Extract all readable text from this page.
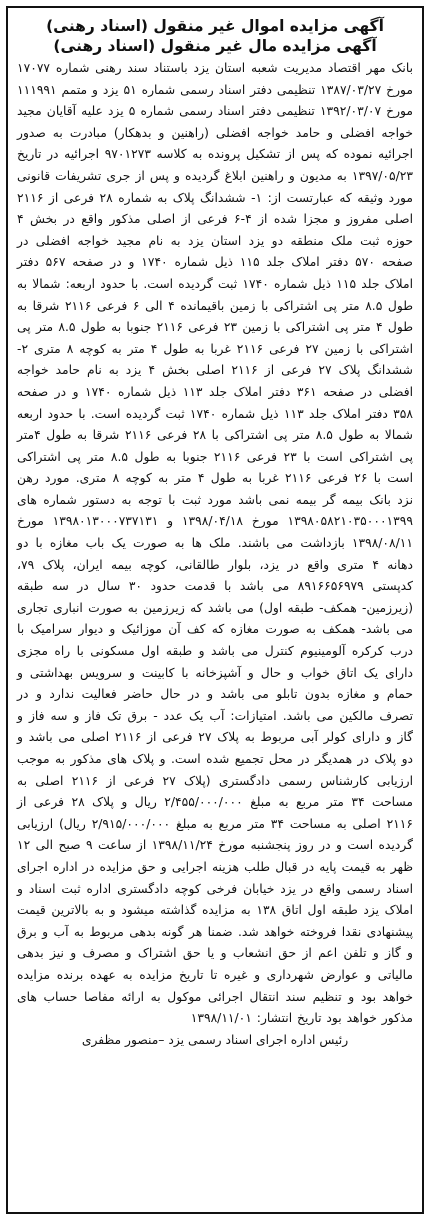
آگهی مزایده اموال غیر منقول (اسناد رهنی)
آگهی مزایده مال غیر منقول (اسناد رهنی)

بانک مهر اقتصاد مدیریت شعبه استان یزد باستناد سند رهنی شماره ۱۷۰۷۷ مورخ ۱۳۸۷/۰۳/۲۷ تنظیمی دفتر اسناد رسمی شماره ۵۱ یزد و متمم ۱۱۱۹۹۱ مورخ ۱۳۹۲/۰۳/۰۷ تنظیمی دفتر اسناد رسمی شماره ۵ یزد علیه آقایان مجید خواجه افضلی و حامد خواجه افضلی (راهنین و بدهکار) مبادرت به صدور اجرائیه نموده که پس از تشکیل پرونده به کلاسه ۹۷۰۱۲۷۳ اجرائیه در تاریخ ۱۳۹۷/۰۵/۲۳ به مدیون و راهنین ابلاغ گردیده و پس از جری تشریفات قانونی مورد وثیقه که عبارتست از: ۱- ششدانگ پلاک به شماره ۲۸ فرعی از ۲۱۱۶ اصلی مفروز و مجزا شده از ۴-۶ فرعی از اصلی مذکور واقع در بخش ۴ حوزه ثبت ملک منطقه دو یزد استان یزد به نام مجید خواجه افضلی در صفحه ۵۷۰ دفتر املاک جلد ۱۱۵ ذیل شماره ۱۷۴۰ و در صفحه ۵۶۷ دفتر املاک جلد ۱۱۵ ذیل شماره ۱۷۴۰ ثبت گردیده است. با حدود اربعه: شمالا به طول ۸.۵ متر پی اشتراکی با زمین باقیمانده ۴ الی ۶ فرعی ۲۱۱۶ شرقا به طول ۴ متر پی اشتراکی با زمین ۲۳ فرعی ۲۱۱۶ جنوبا به طول ۸.۵ متر پی اشتراکی با زمین ۲۷ فرعی ۲۱۱۶ غربا به طول ۴ متر به کوچه ۸ متری ۲- ششدانگ پلاک ۲۷ فرعی از ۲۱۱۶ اصلی بخش ۴ یزد به نام حامد خواجه افضلی در صفحه ۳۶۱ دفتر املاک جلد ۱۱۳ ذیل شماره ۱۷۴۰ و در صفحه ۳۵۸ دفتر املاک جلد ۱۱۳ ذیل شماره ۱۷۴۰ ثبت گردیده است. با حدود اربعه شمالا به طول ۸.۵ متر پی اشتراکی با ۲۸ فرعی ۲۱۱۶ شرقا به طول ۴متر پی اشتراکی است با ۲۳ فرعی ۲۱۱۶ جنوبا به طول ۸.۵ متر پی اشتراکی است با ۲۶ فرعی ۲۱۱۶ غربا به طول ۴ متر به کوچه ۸ متری. مورد رهن نزد بانک بیمه گر بیمه نمی باشد مورد ثبت با توجه به دستور شماره های ۱۳۹۸۰۵۸۲۱۰۳۵۰۰۰۱۳۹۹ مورخ ۱۳۹۸/۰۴/۱۸ و ۱۳۹۸۰۱۳۰۰۰۷۳۷۱۳۱ مورخ ۱۳۹۸/۰۸/۱۱ بازداشت می باشند. ملک ها به صورت یک باب مغازه با دو دهانه ۴ متری واقع در یزد، بلوار طالقانی، کوچه بیمه ایران، پلاک ۷۹، کدپستی ۸۹۱۶۶۵۶۹۷۹ می باشد با قدمت حدود ۳۰ سال در سه طبقه (زیرزمین- همکف- طبقه اول) می باشد که زیرزمین به صورت انباری تجاری می باشد- همکف به صورت مغازه که کف آن موزائیک و دیوار سرامیک با درب کرکره آلومینیوم کنترل می باشد و طبقه اول مسکونی با راه مجزی دارای یک اتاق خواب و حال و آشپزخانه با کابینت و سرویس بهداشتی و حمام و مغازه بدون تابلو می باشد و در حال حاضر فعالیت ندارد و در تصرف مالکین می باشد. امتیازات: آب یک عدد - برق تک فاز و سه فاز و گاز و دارای کولر آبی مربوط به پلاک ۲۷ فرعی از ۲۱۱۶ اصلی می باشد و دو پلاک در همدیگر در محل تجمیع شده است. و پلاک های مذکور به موجب ارزیابی کارشناس رسمی دادگستری (پلاک ۲۷ فرعی از ۲۱۱۶ اصلی به مساحت ۳۴ متر مربع به مبلغ ۲/۴۵۵/۰۰۰/۰۰۰ ریال و پلاک ۲۸ فرعی از ۲۱۱۶ اصلی به مساحت ۳۴ متر مربع به مبلغ ۲/۹۱۵/۰۰۰/۰۰۰ ریال) ارزیابی گردیده است و در روز پنجشنبه مورخ ۱۳۹۸/۱۱/۲۴ از ساعت ۹ صبح الی ۱۲ ظهر به قیمت پایه در قبال طلب هزینه اجرایی و حق مزایده در اداره اجرای اسناد رسمی واقع در یزد خیابان فرخی کوچه دادگستری اداره ثبت اسناد و املاک یزد طبقه اول اتاق ۱۳۸ به مزایده گذاشته میشود و به بالاترین قیمت پیشنهادی نقدا فروخته خواهد شد. ضمنا هر گونه بدهی مربوط به آب و برق و گاز و تلفن اعم از حق انشعاب و یا حق اشتراک و مصرف و نیز بدهی مالیاتی و عوارض شهرداری و غیره تا تاریخ مزایده به عهده برنده مزایده خواهد بود و تنظیم سند انتقال اجرائی موکول به ارائه مفاصا حساب های مذکور خواهد بود تاریخ انتشار: ۱۳۹۸/۱۱/۰۱

رئیس اداره اجرای اسناد رسمی یزد –منصور مظفری
